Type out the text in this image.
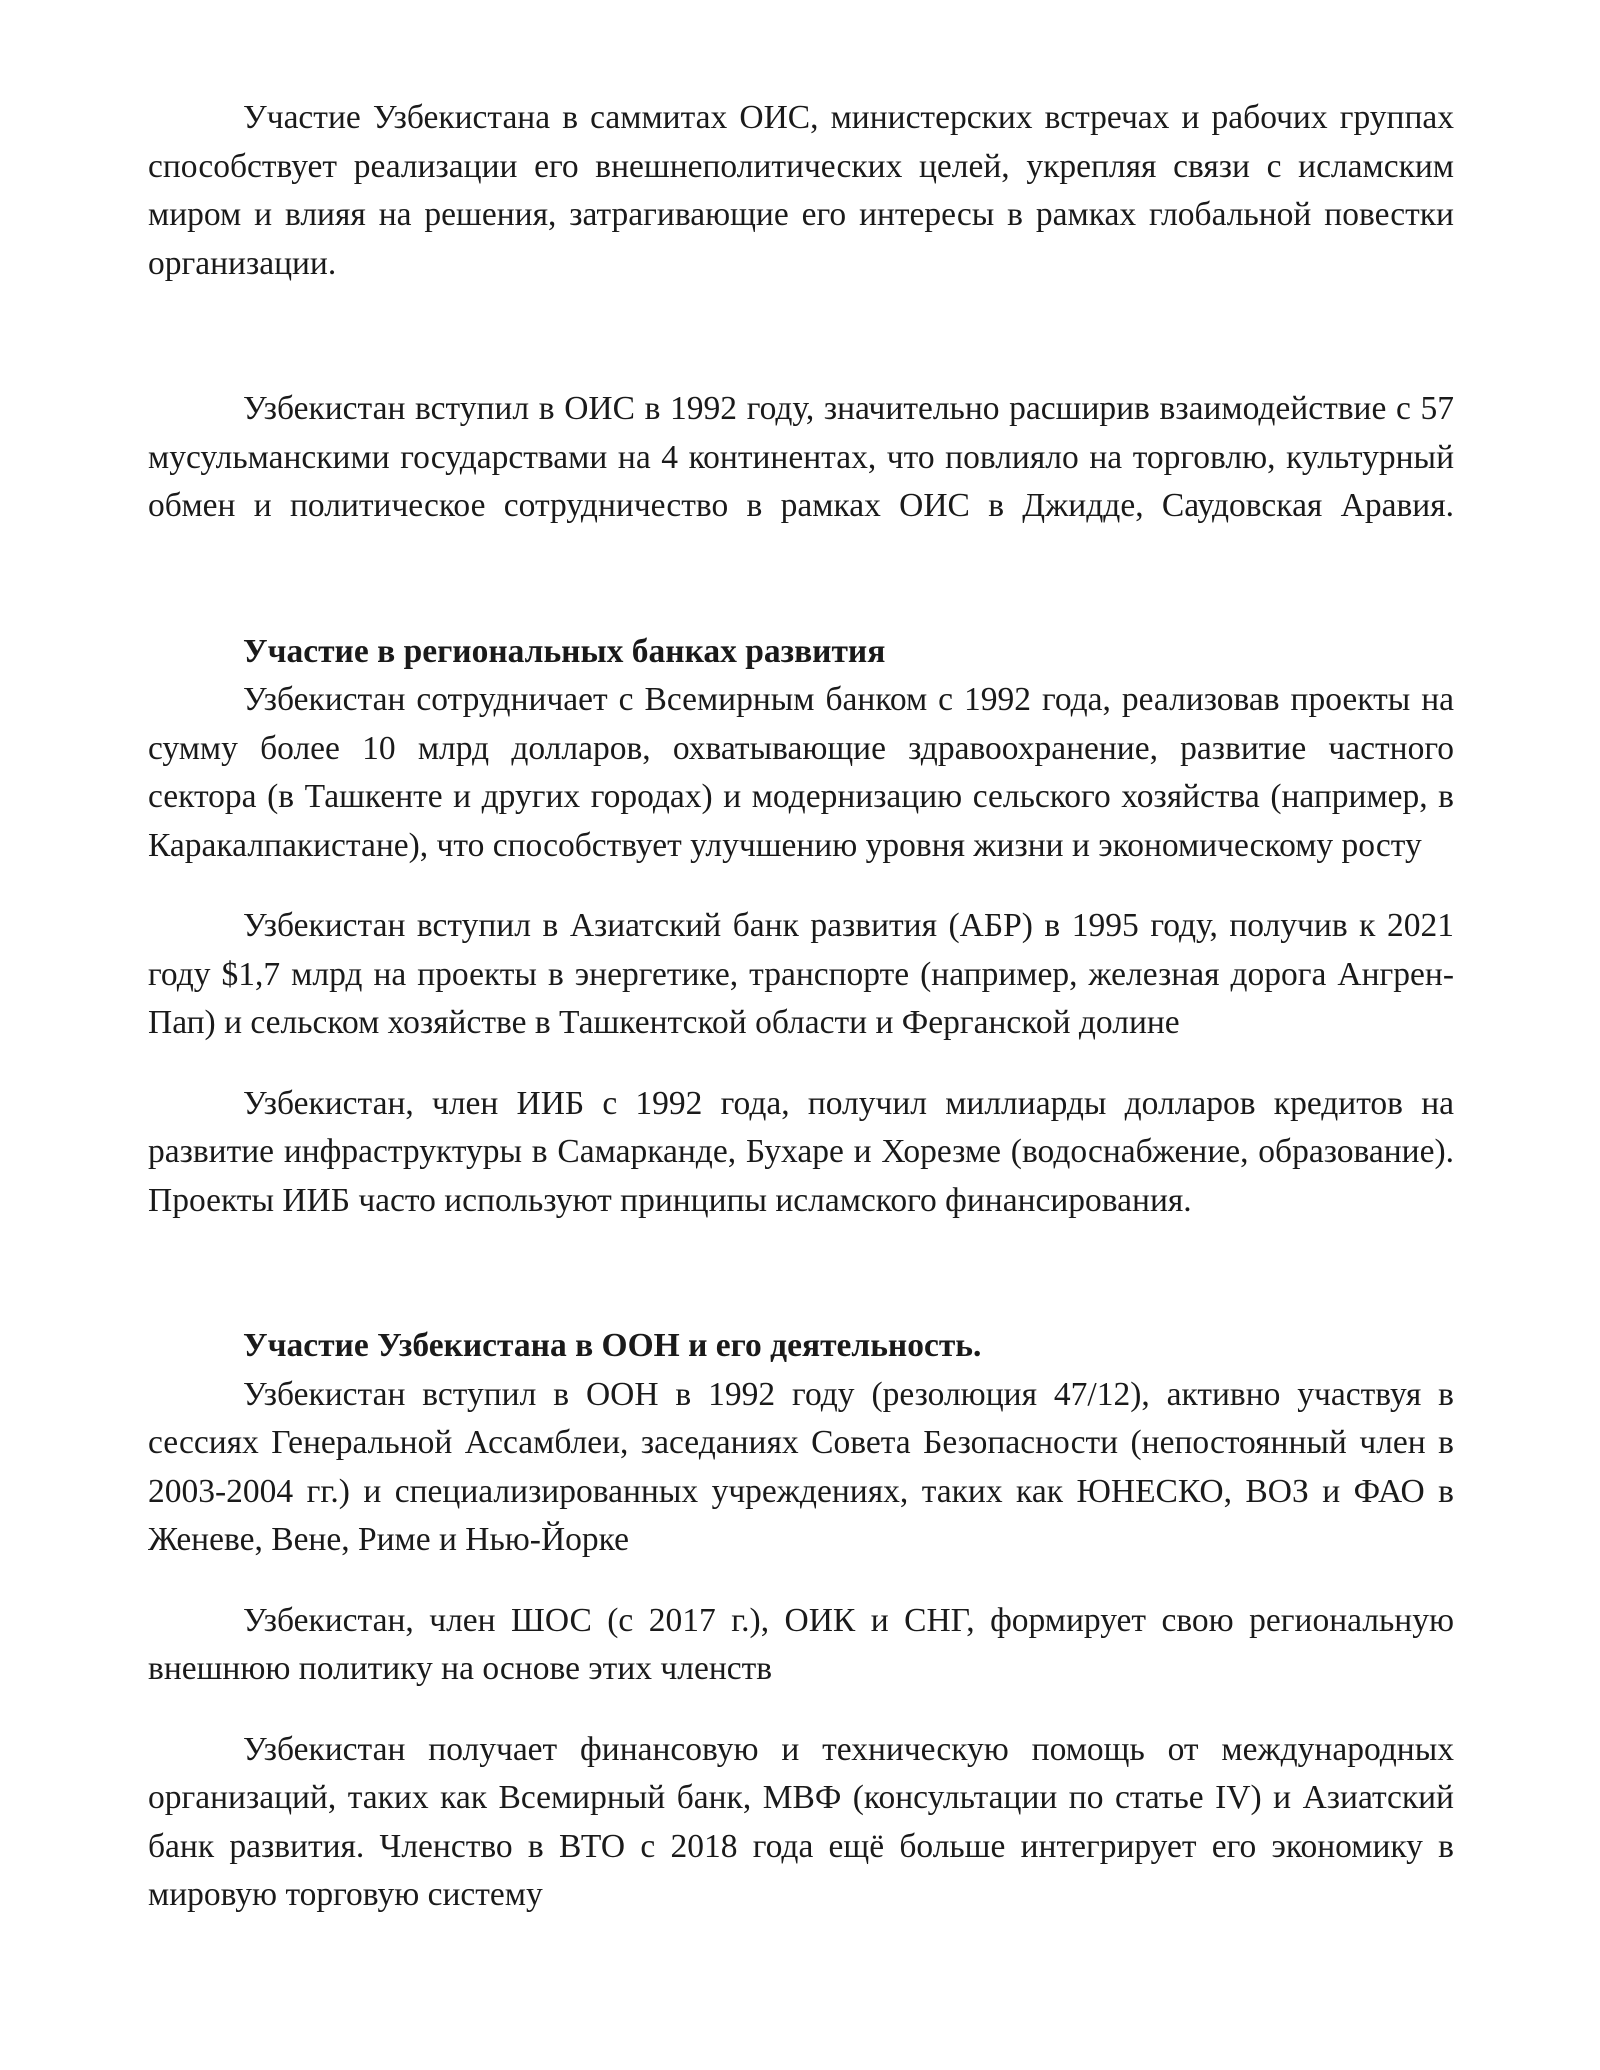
Участие Узбекистана в саммитах ОИС, министерских встречах и рабочих группах способствует реализации его внешнеполитических целей, укрепляя связи с исламским миром и влияя на решения, затрагивающие его интересы в рамках глобальной повестки организации.

Узбекистан вступил в ОИС в 1992 году, значительно расширив взаимодействие с 57 мусульманскими государствами на 4 континентах, что повлияло на торговлю, культурный обмен и политическое сотрудничество в рамках ОИС в Джидде, Саудовская Аравия.

Участие в региональных банках развития

Узбекистан сотрудничает с Всемирным банком с 1992 года, реализовав проекты на сумму более 10 млрд долларов, охватывающие здравоохранение, развитие частного сектора (в Ташкенте и других городах) и модернизацию сельского хозяйства (например, в Каракалпакистане), что способствует улучшению уровня жизни и экономическому росту

Узбекистан вступил в Азиатский банк развития (АБР) в 1995 году, получив к 2021 году $1,7 млрд на проекты в энергетике, транспорте (например, железная дорога Ангрен-Пап) и сельском хозяйстве в Ташкентской области и Ферганской долине

Узбекистан, член ИИБ с 1992 года, получил миллиарды долларов кредитов на развитие инфраструктуры в Самарканде, Бухаре и Хорезме (водоснабжение, образование). Проекты ИИБ часто используют принципы исламского финансирования.

Участие Узбекистана в ООН и его деятельность.

Узбекистан вступил в ООН в 1992 году (резолюция 47/12), активно участвуя в сессиях Генеральной Ассамблеи, заседаниях Совета Безопасности (непостоянный член в 2003-2004 гг.) и специализированных учреждениях, таких как ЮНЕСКО, ВОЗ и ФАО в Женеве, Вене, Риме и Нью-Йорке

Узбекистан, член ШОС (с 2017 г.), ОИК и СНГ, формирует свою региональную внешнюю политику на основе этих членств

Узбекистан получает финансовую и техническую помощь от международных организаций, таких как Всемирный банк, МВФ (консультации по статье IV) и Азиатский банк развития. Членство в ВТО с 2018 года ещё больше интегрирует его экономику в мировую торговую систему
